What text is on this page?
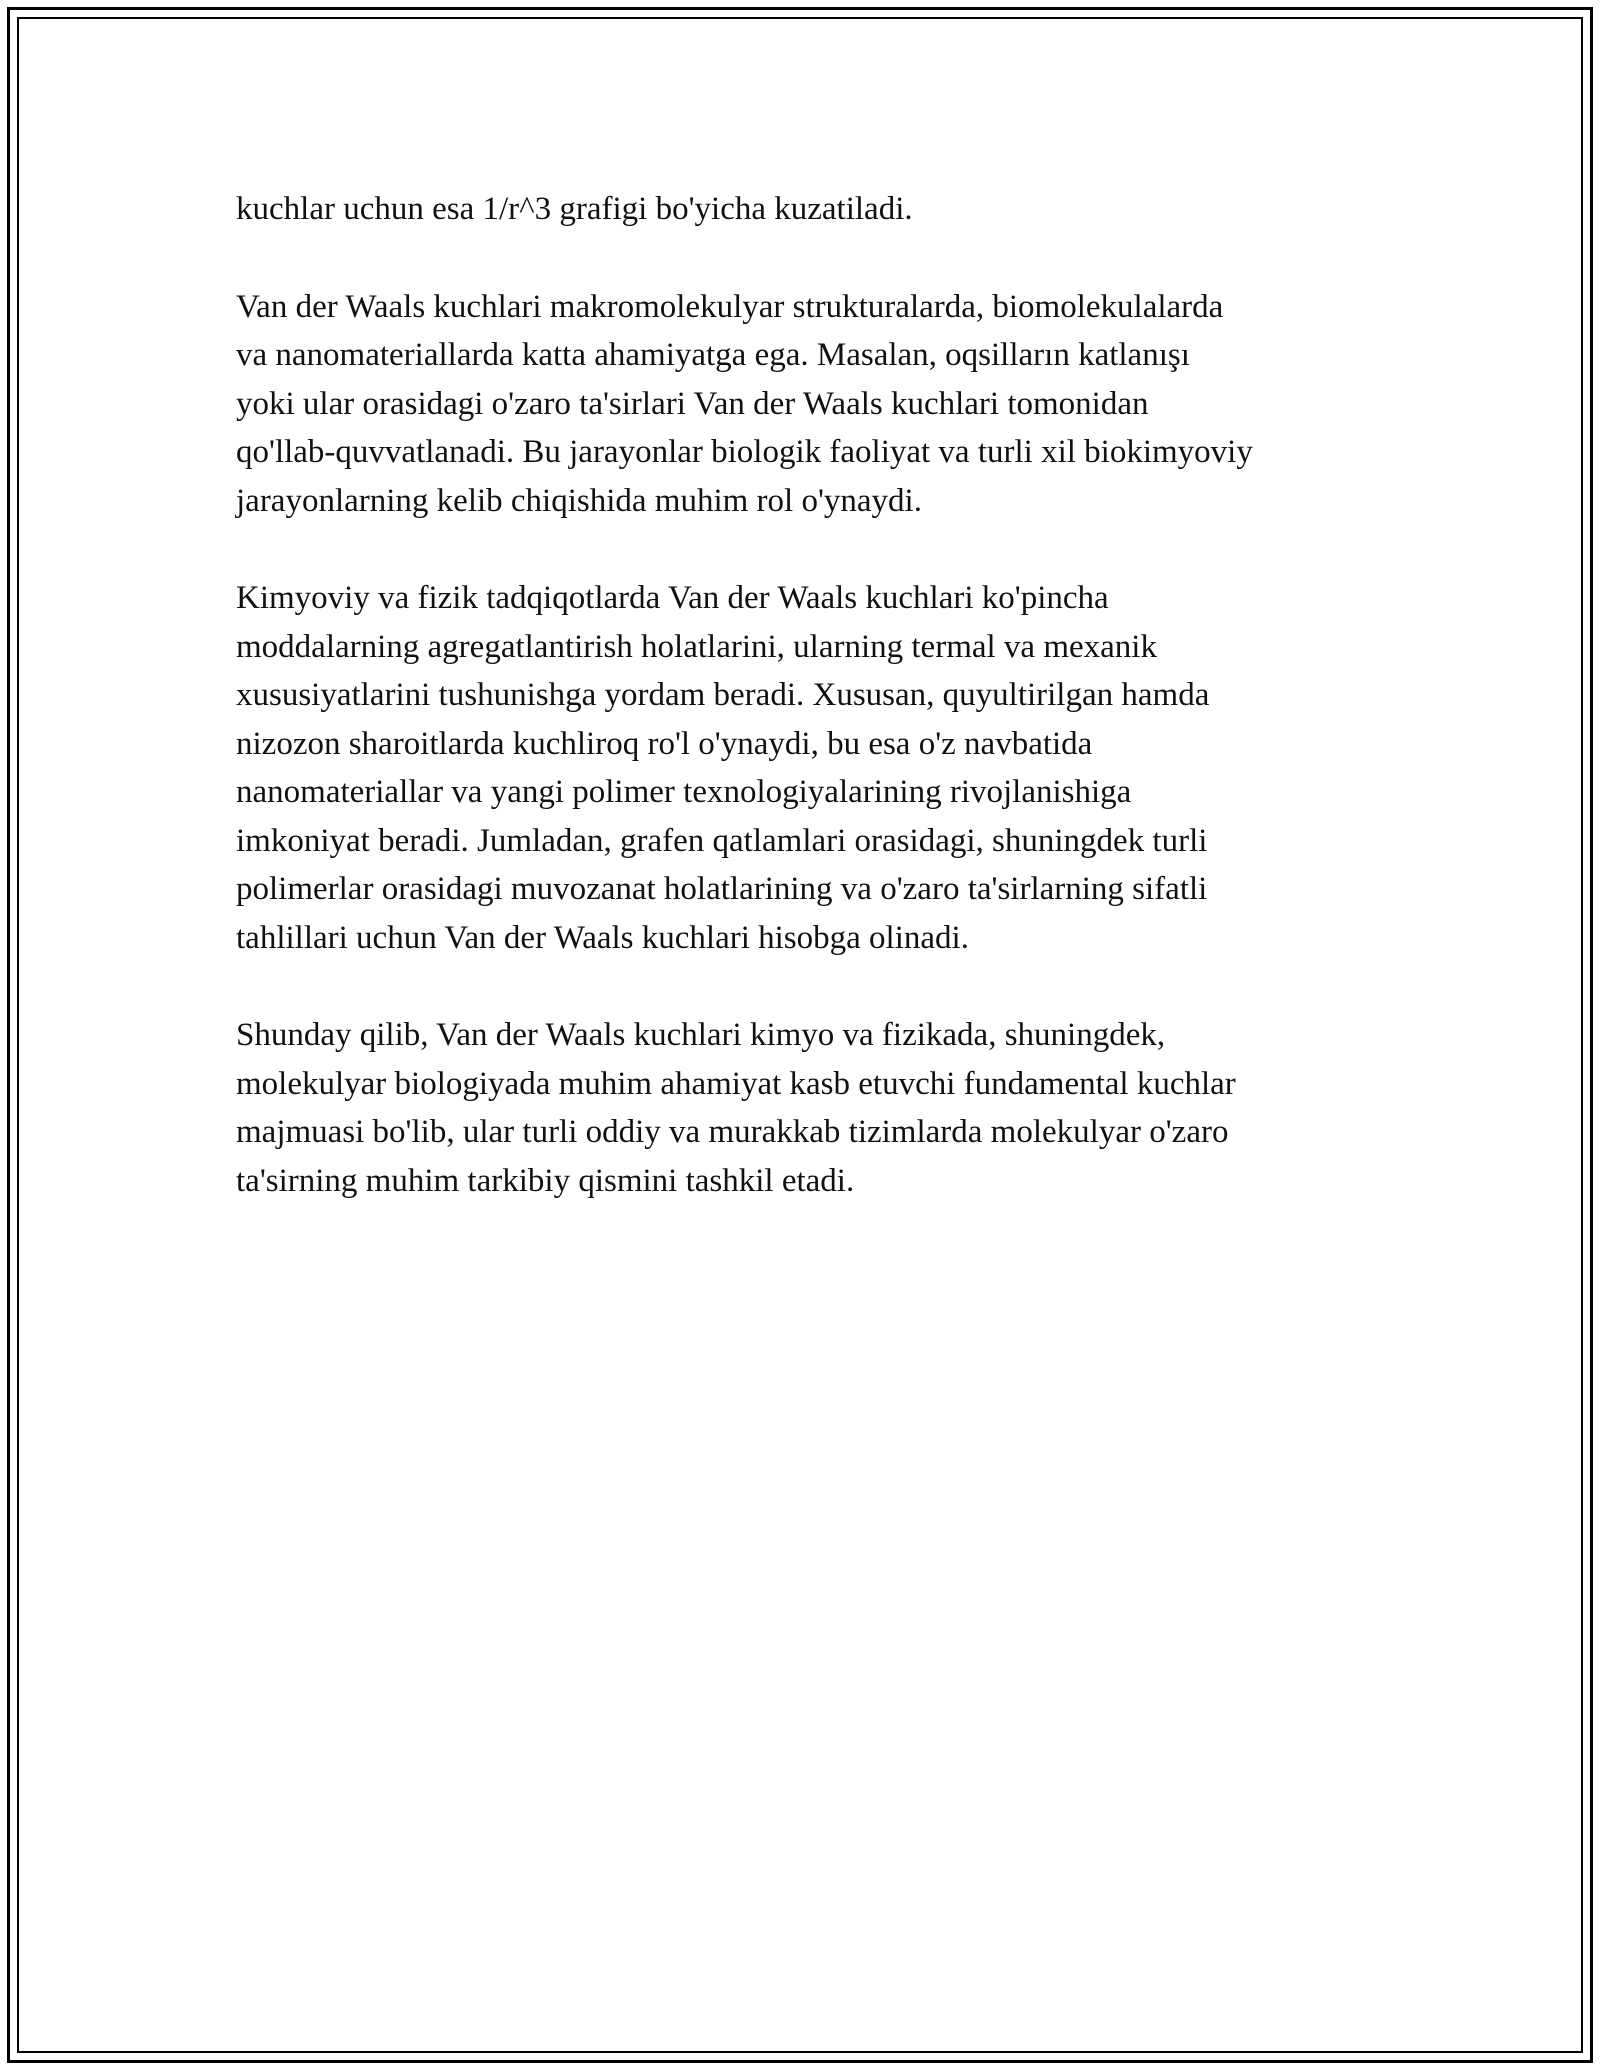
kuchlar uchun esa 1/r^3 grafigi bo'yicha kuzatiladi.

Van der Waals kuchlari makromolekulyar strukturalarda, biomolekulalarda
va nanomateriallarda katta ahamiyatga ega. Masalan, oqsilların katlanışı
yoki ular orasidagi o'zaro ta'sirlari Van der Waals kuchlari tomonidan
qo'llab-quvvatlanadi. Bu jarayonlar biologik faoliyat va turli xil biokimyoviy
jarayonlarning kelib chiqishida muhim rol o'ynaydi.

Kimyoviy va fizik tadqiqotlarda Van der Waals kuchlari ko'pincha
moddalarning agregatlantirish holatlarini, ularning termal va mexanik
xususiyatlarini tushunishga yordam beradi. Xususan, quyultirilgan hamda
nizozon sharoitlarda kuchliroq ro'l o'ynaydi, bu esa o'z navbatida
nanomateriallar va yangi polimer texnologiyalarining rivojlanishiga
imkoniyat beradi. Jumladan, grafen qatlamlari orasidagi, shuningdek turli
polimerlar orasidagi muvozanat holatlarining va o'zaro ta'sirlarning sifatli
tahlillari uchun Van der Waals kuchlari hisobga olinadi.

Shunday qilib, Van der Waals kuchlari kimyo va fizikada, shuningdek,
molekulyar biologiyada muhim ahamiyat kasb etuvchi fundamental kuchlar
majmuasi bo'lib, ular turli oddiy va murakkab tizimlarda molekulyar o'zaro
ta'sirning muhim tarkibiy qismini tashkil etadi.
